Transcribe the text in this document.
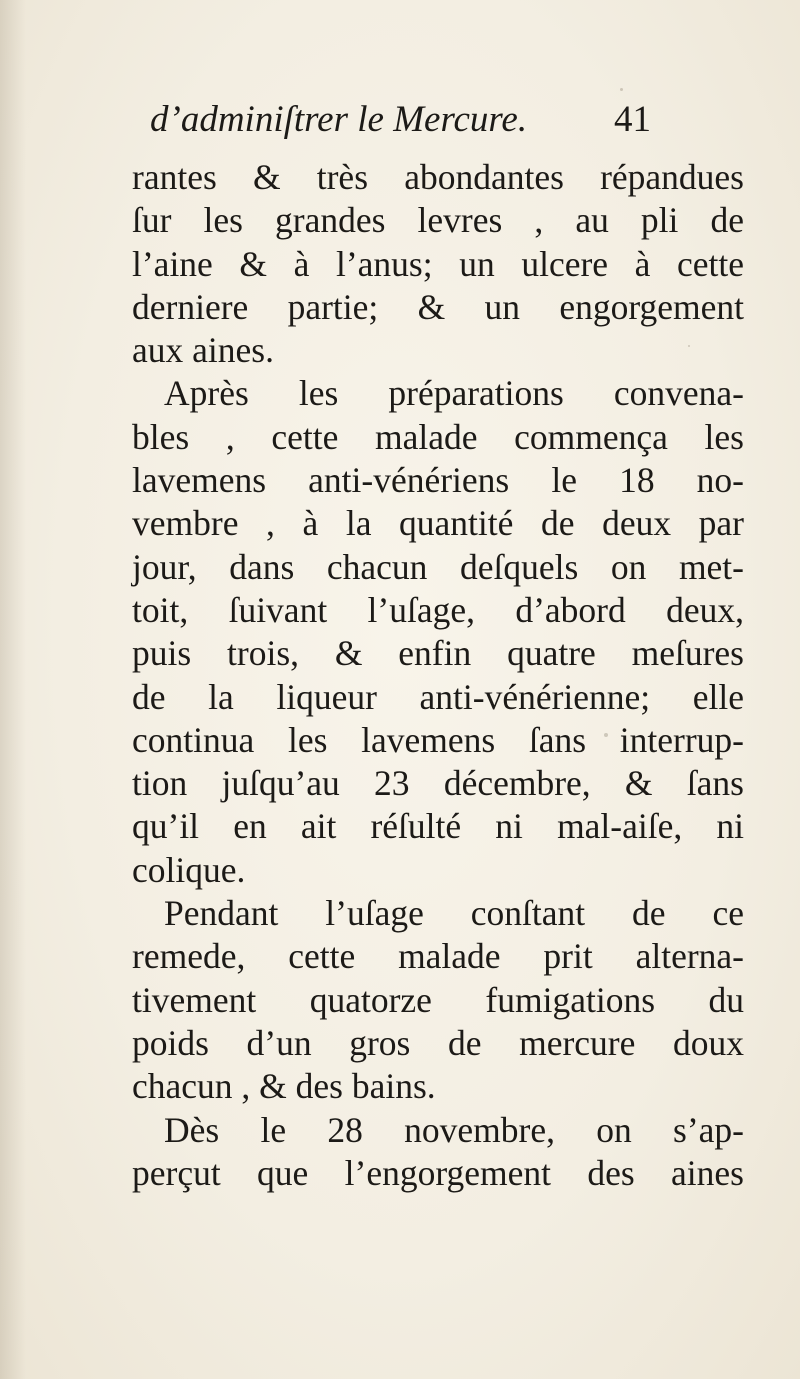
d’adminiſtrer le Mercure. 41
rantes & très abondantes répandues
ſur les grandes levres , au pli de
l’aine & à l’anus; un ulcere à cette
derniere partie; & un engorgement
aux aines.
Après les préparations convena-
bles , cette malade commença les
lavemens anti-vénériens le 18 no-
vembre , à la quantité de deux par
jour, dans chacun deſquels on met-
toit, ſuivant l’uſage, d’abord deux,
puis trois, & enfin quatre meſures
de la liqueur anti-vénérienne; elle
continua les lavemens ſans interrup-
tion juſqu’au 23 décembre, & ſans
qu’il en ait réſulté ni mal-aiſe, ni
colique.
Pendant l’uſage conſtant de ce
remede, cette malade prit alterna-
tivement quatorze fumigations du
poids d’un gros de mercure doux
chacun , & des bains.
Dès le 28 novembre, on s’ap-
perçut que l’engorgement des aines
